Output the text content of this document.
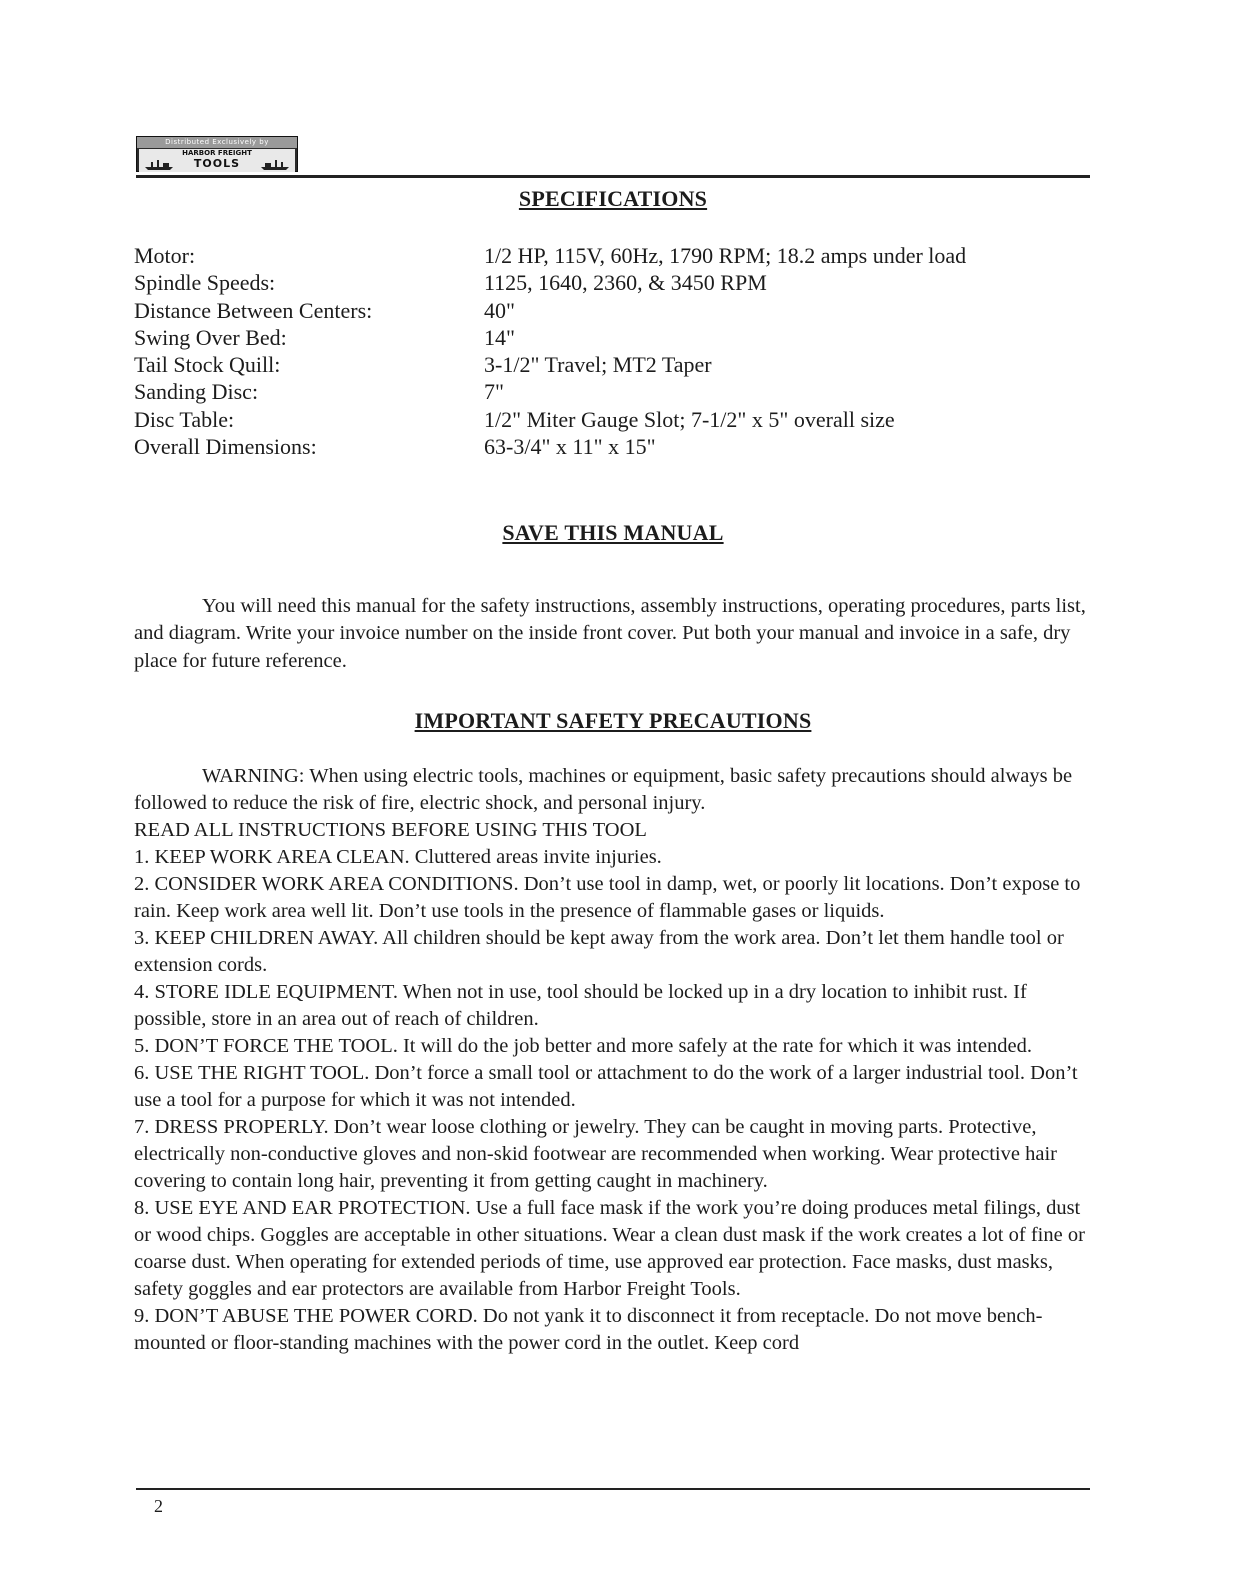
Distributed Exclusively by
HARBOR FREIGHT
TOOLS
SPECIFICATIONS
Motor:	1/2 HP, 115V, 60Hz, 1790 RPM; 18.2 amps under load
Spindle Speeds:	1125, 1640, 2360, & 3450 RPM
Distance Between Centers:	40"
Swing Over Bed:	14"
Tail Stock Quill:	3-1/2" Travel; MT2 Taper
Sanding Disc:	7"
Disc Table:	1/2" Miter Gauge Slot; 7-1/2" x 5" overall size
Overall Dimensions:	63-3/4" x 11" x 15"
SAVE THIS MANUAL

You will need this manual for the safety instructions, assembly instructions, operating procedures, parts list, and diagram. Write your invoice number on the inside front cover. Put both your manual and invoice in a safe, dry place for future reference.

IMPORTANT SAFETY PRECAUTIONS

WARNING: When using electric tools, machines or equipment, basic safety precautions should always be followed to reduce the risk of fire, electric shock, and personal injury.

READ ALL INSTRUCTIONS BEFORE USING THIS TOOL

1. KEEP WORK AREA CLEAN. Cluttered areas invite injuries.

2. CONSIDER WORK AREA CONDITIONS. Don’t use tool in damp, wet, or poorly lit locations. Don’t expose to rain. Keep work area well lit. Don’t use tools in the presence of flammable gases or liquids.

3. KEEP CHILDREN AWAY. All children should be kept away from the work area. Don’t let them handle tool or extension cords.

4. STORE IDLE EQUIPMENT. When not in use, tool should be locked up in a dry location to inhibit rust. If possible, store in an area out of reach of children.

5. DON’T FORCE THE TOOL. It will do the job better and more safely at the rate for which it was intended.

6. USE THE RIGHT TOOL. Don’t force a small tool or attachment to do the work of a larger industrial tool. Don’t use a tool for a purpose for which it was not intended.

7. DRESS PROPERLY. Don’t wear loose clothing or jewelry. They can be caught in moving parts. Protective, electrically non-conductive gloves and non-skid footwear are recommended when working. Wear protective hair covering to contain long hair, preventing it from getting caught in machinery.

8. USE EYE AND EAR PROTECTION. Use a full face mask if the work you’re doing produces metal filings, dust or wood chips. Goggles are acceptable in other situations. Wear a clean dust mask if the work creates a lot of fine or coarse dust. When operating for extended periods of time, use approved ear protection. Face masks, dust masks, safety goggles and ear protectors are available from Harbor Freight Tools.

9. DON’T ABUSE THE POWER CORD. Do not yank it to disconnect it from receptacle. Do not move bench-mounted or floor-standing machines with the power cord in the outlet. Keep cord

2
